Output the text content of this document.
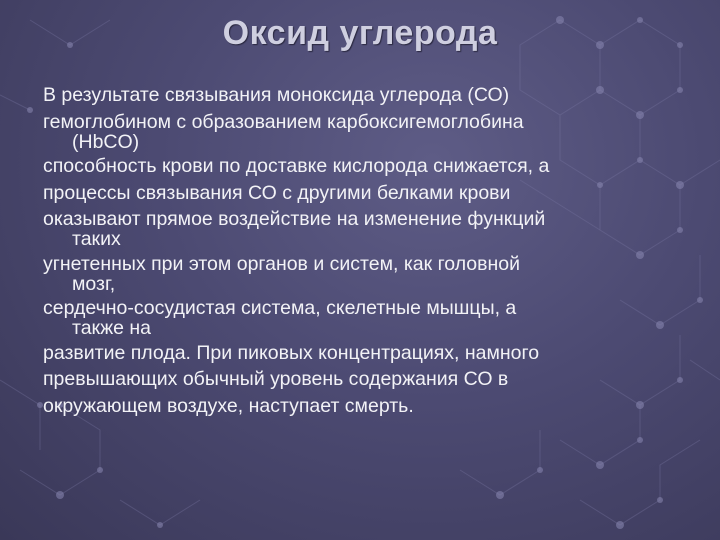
Оксид углерода
В результате связывания моноксида углерода (СО)
гемоглобином с образованием карбоксигемоглобина
(HbCO)
способность крови по доставке кислорода снижается, а
процессы связывания СО с другими белками крови
оказывают прямое воздействие на изменение функций
таких
угнетенных при этом органов и систем, как головной
мозг,
сердечно-сосудистая система, скелетные мышцы, а
также на
развитие плода. При пиковых концентрациях, намного
превышающих обычный уровень содержания СО в
окружающем воздухе, наступает смерть.
